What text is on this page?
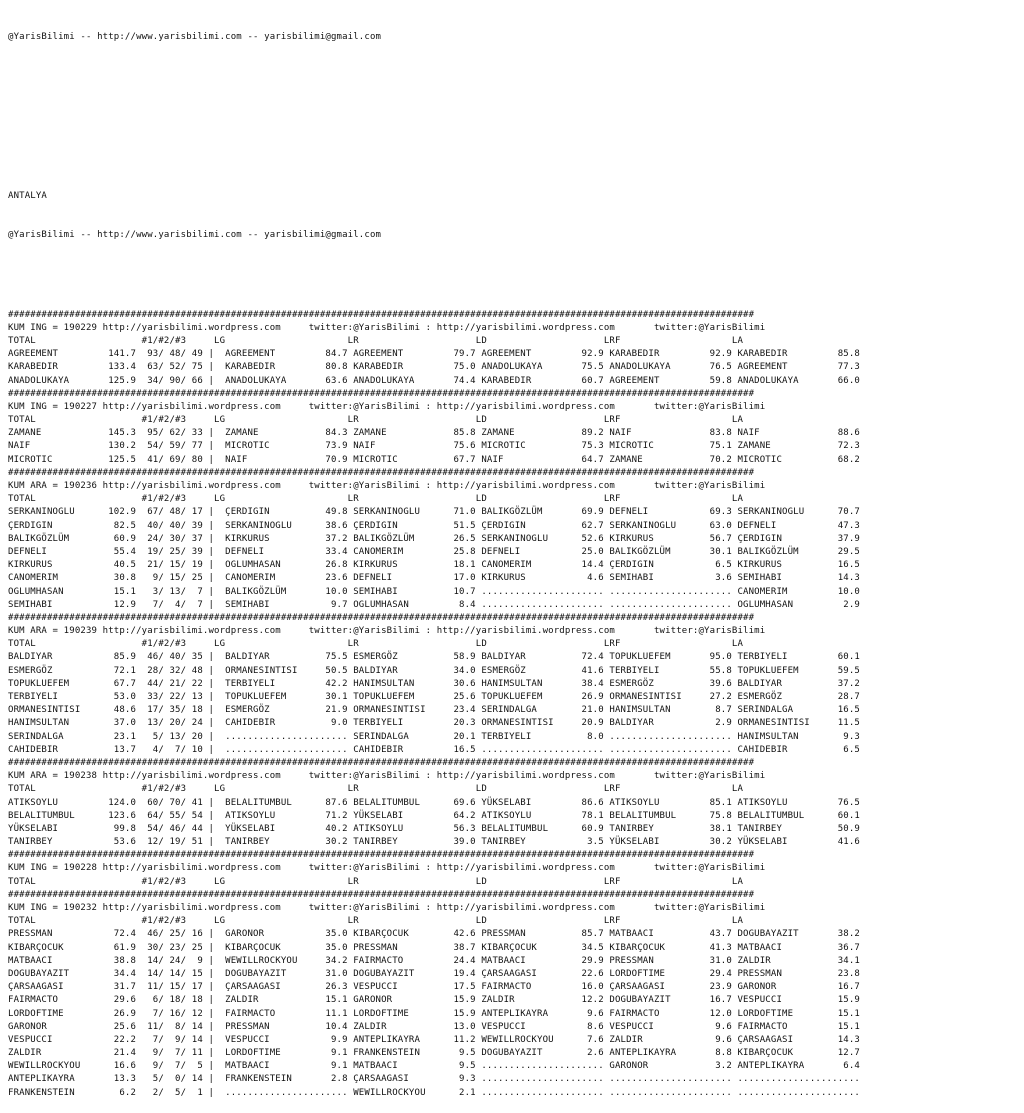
@YarisBilimi -- http://www.yarisbilimi.com -- yarisbilimi@gmail.com

ANTALYA

@YarisBilimi -- http://www.yarisbilimi.com -- yarisbilimi@gmail.com

######################################################################################################################################
KUM ING = 190229 http://yarisbilimi.wordpress.com     twitter:@YarisBilimi : http://yarisbilimi.wordpress.com       twitter:@YarisBilimi
TOTAL                   #1/#2/#3     LG                      LR                     LD                     LRF                    LA
AGREEMENT         141.7  93/ 48/ 49 |  AGREEMENT         84.7 AGREEMENT         79.7 AGREEMENT         92.9 KARABEDIR         92.9 KARABEDIR         85.8
KARABEDIR         133.4  63/ 52/ 75 |  KARABEDIR         80.8 KARABEDIR         75.0 ANADOLUKAYA       75.5 ANADOLUKAYA       76.5 AGREEMENT         77.3
ANADOLUKAYA       125.9  34/ 90/ 66 |  ANADOLUKAYA       63.6 ANADOLUKAYA       74.4 KARABEDIR         60.7 AGREEMENT         59.8 ANADOLUKAYA       66.0
######################################################################################################################################
KUM ING = 190227 http://yarisbilimi.wordpress.com     twitter:@YarisBilimi : http://yarisbilimi.wordpress.com       twitter:@YarisBilimi
TOTAL                   #1/#2/#3     LG                      LR                     LD                     LRF                    LA
ZAMANE            145.3  95/ 62/ 33 |  ZAMANE            84.3 ZAMANE            85.8 ZAMANE            89.2 NAIF              83.8 NAIF              88.6
NAIF              130.2  54/ 59/ 77 |  MICROTIC          73.9 NAIF              75.6 MICROTIC          75.3 MICROTIC          75.1 ZAMANE            72.3
MICROTIC          125.5  41/ 69/ 80 |  NAIF              70.9 MICROTIC          67.7 NAIF              64.7 ZAMANE            70.2 MICROTIC          68.2
######################################################################################################################################
KUM ARA = 190236 http://yarisbilimi.wordpress.com     twitter:@YarisBilimi : http://yarisbilimi.wordpress.com       twitter:@YarisBilimi
TOTAL                   #1/#2/#3     LG                      LR                     LD                     LRF                    LA
SERKANINOGLU      102.9  67/ 48/ 17 |  ÇERDIGIN          49.8 SERKANINOGLU      71.0 BALIKGÖZLÜM       69.9 DEFNELI           69.3 SERKANINOGLU      70.7
ÇERDIGIN           82.5  40/ 40/ 39 |  SERKANINOGLU      38.6 ÇERDIGIN          51.5 ÇERDIGIN          62.7 SERKANINOGLU      63.0 DEFNELI           47.3
BALIKGÖZLÜM        60.9  24/ 30/ 37 |  KIRKURUS          37.2 BALIKGÖZLÜM       26.5 SERKANINOGLU      52.6 KIRKURUS          56.7 ÇERDIGIN          37.9
DEFNELI            55.4  19/ 25/ 39 |  DEFNELI           33.4 CANOMERIM         25.8 DEFNELI           25.0 BALIKGÖZLÜM       30.1 BALIKGÖZLÜM       29.5
KIRKURUS           40.5  21/ 15/ 19 |  OGLUMHASAN        26.8 KIRKURUS          18.1 CANOMERIM         14.4 ÇERDIGIN           6.5 KIRKURUS          16.5
CANOMERIM          30.8   9/ 15/ 25 |  CANOMERIM         23.6 DEFNELI           17.0 KIRKURUS           4.6 SEMIHABI           3.6 SEMIHABI          14.3
OGLUMHASAN         15.1   3/ 13/  7 |  BALIKGÖZLÜM       10.0 SEMIHABI          10.7 ...................... ...................... CANOMERIM         10.0
SEMIHABI           12.9   7/  4/  7 |  SEMIHABI           9.7 OGLUMHASAN         8.4 ...................... ...................... OGLUMHASAN         2.9
######################################################################################################################################
KUM ARA = 190239 http://yarisbilimi.wordpress.com     twitter:@YarisBilimi : http://yarisbilimi.wordpress.com       twitter:@YarisBilimi
TOTAL                   #1/#2/#3     LG                      LR                     LD                     LRF                    LA
BALDIYAR           85.9  46/ 40/ 35 |  BALDIYAR          75.5 ESMERGÖZ          58.9 BALDIYAR          72.4 TOPUKLUEFEM       95.0 TERBIYELI         60.1
ESMERGÖZ           72.1  28/ 32/ 48 |  ORMANESINTISI     50.5 BALDIYAR          34.0 ESMERGÖZ          41.6 TERBIYELI         55.8 TOPUKLUEFEM       59.5
TOPUKLUEFEM        67.7  44/ 21/ 22 |  TERBIYELI         42.2 HANIMSULTAN       30.6 HANIMSULTAN       38.4 ESMERGÖZ          39.6 BALDIYAR          37.2
TERBIYELI          53.0  33/ 22/ 13 |  TOPUKLUEFEM       30.1 TOPUKLUEFEM       25.6 TOPUKLUEFEM       26.9 ORMANESINTISI     27.2 ESMERGÖZ          28.7
ORMANESINTISI      48.6  17/ 35/ 18 |  ESMERGÖZ          21.9 ORMANESINTISI     23.4 SERINDALGA        21.0 HANIMSULTAN        8.7 SERINDALGA        16.5
HANIMSULTAN        37.0  13/ 20/ 24 |  CAHIDEBIR          9.0 TERBIYELI         20.3 ORMANESINTISI     20.9 BALDIYAR           2.9 ORMANESINTISI     11.5
SERINDALGA         23.1   5/ 13/ 20 |  ...................... SERINDALGA        20.1 TERBIYELI          8.0 ...................... HANIMSULTAN        9.3
CAHIDEBIR          13.7   4/  7/ 10 |  ...................... CAHIDEBIR         16.5 ...................... ...................... CAHIDEBIR          6.5
######################################################################################################################################
KUM ARA = 190238 http://yarisbilimi.wordpress.com     twitter:@YarisBilimi : http://yarisbilimi.wordpress.com       twitter:@YarisBilimi
TOTAL                   #1/#2/#3     LG                      LR                     LD                     LRF                    LA
ATIKSOYLU         124.0  60/ 70/ 41 |  BELALITUMBUL      87.6 BELALITUMBUL      69.6 YÜKSELABI         86.6 ATIKSOYLU         85.1 ATIKSOYLU         76.5
BELALITUMBUL      123.6  64/ 55/ 54 |  ATIKSOYLU         71.2 YÜKSELABI         64.2 ATIKSOYLU         78.1 BELALITUMBUL      75.8 BELALITUMBUL      60.1
YÜKSELABI          99.8  54/ 46/ 44 |  YÜKSELABI         40.2 ATIKSOYLU         56.3 BELALITUMBUL      60.9 TANIRBEY          38.1 TANIRBEY          50.9
TANIRBEY           53.6  12/ 19/ 51 |  TANIRBEY          30.2 TANIRBEY          39.0 TANIRBEY           3.5 YÜKSELABI         30.2 YÜKSELABI         41.6
######################################################################################################################################
KUM ING = 190228 http://yarisbilimi.wordpress.com     twitter:@YarisBilimi : http://yarisbilimi.wordpress.com       twitter:@YarisBilimi
TOTAL                   #1/#2/#3     LG                      LR                     LD                     LRF                    LA
######################################################################################################################################
KUM ING = 190232 http://yarisbilimi.wordpress.com     twitter:@YarisBilimi : http://yarisbilimi.wordpress.com       twitter:@YarisBilimi
TOTAL                   #1/#2/#3     LG                      LR                     LD                     LRF                    LA
PRESSMAN           72.4  46/ 25/ 16 |  GARONOR           35.0 KIBARÇOCUK        42.6 PRESSMAN          85.7 MATBAACI          43.7 DOGUBAYAZIT       38.2
KIBARÇOCUK         61.9  30/ 23/ 25 |  KIBARÇOCUK        35.0 PRESSMAN          38.7 KIBARÇOCUK        34.5 KIBARÇOCUK        41.3 MATBAACI          36.7
MATBAACI           38.8  14/ 24/  9 |  WEWILLROCKYOU     34.2 FAIRMACTO         24.4 MATBAACI          29.9 PRESSMAN          31.0 ZALDIR            34.1
DOGUBAYAZIT        34.4  14/ 14/ 15 |  DOGUBAYAZIT       31.0 DOGUBAYAZIT       19.4 ÇARSAAGASI        22.6 LORDOFTIME        29.4 PRESSMAN          23.8
ÇARSAAGASI         31.7  11/ 15/ 17 |  ÇARSAAGASI        26.3 VESPUCCI          17.5 FAIRMACTO         16.0 ÇARSAAGASI        23.9 GARONOR           16.7
FAIRMACTO          29.6   6/ 18/ 18 |  ZALDIR            15.1 GARONOR           15.9 ZALDIR            12.2 DOGUBAYAZIT       16.7 VESPUCCI          15.9
LORDOFTIME         26.9   7/ 16/ 12 |  FAIRMACTO         11.1 LORDOFTIME        15.9 ANTEPLIKAYRA       9.6 FAIRMACTO         12.0 LORDOFTIME        15.1
GARONOR            25.6  11/  8/ 14 |  PRESSMAN          10.4 ZALDIR            13.0 VESPUCCI           8.6 VESPUCCI           9.6 FAIRMACTO         15.1
VESPUCCI           22.2   7/  9/ 14 |  VESPUCCI           9.9 ANTEPLIKAYRA      11.2 WEWILLROCKYOU      7.6 ZALDIR             9.6 ÇARSAAGASI        14.3
ZALDIR             21.4   9/  7/ 11 |  LORDOFTIME         9.1 FRANKENSTEIN       9.5 DOGUBAYAZIT        2.6 ANTEPLIKAYRA       8.8 KIBARÇOCUK        12.7
WEWILLROCKYOU      16.6   9/  7/  5 |  MATBAACI           9.1 MATBAACI           9.5 ...................... GARONOR            3.2 ANTEPLIKAYRA       6.4
ANTEPLIKAYRA       13.3   5/  0/ 14 |  FRANKENSTEIN       2.8 ÇARSAAGASI         9.3 ...................... ...................... ......................
FRANKENSTEIN        6.2   2/  5/  1 |  ...................... WEWILLROCKYOU      2.1 ...................... ...................... ......................
